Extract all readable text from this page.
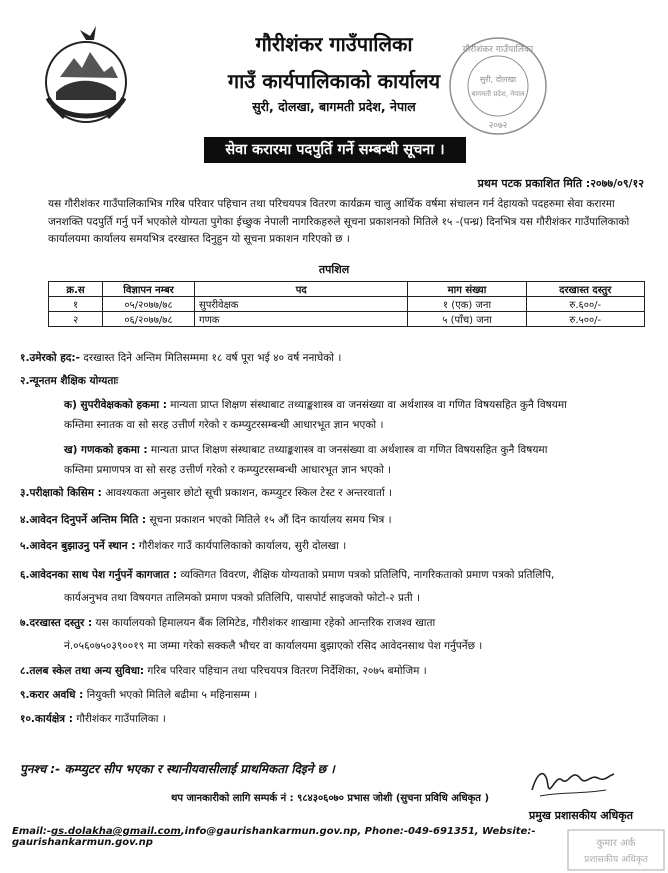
गौरीशंकर गाउँपालिका
गाउँ कार्यपालिकाको कार्यालय
सुरी, दोलखा, बागमती प्रदेश, नेपाल
गौरीशंकर गाउँपालिका
सुरी, दोलखा
बागमती प्रदेश, नेपाल
२०७२
सेवा करारमा पदपुर्ति गर्ने सम्बन्धी सूचना ।
प्रथम पटक प्रकाशित मिति :२०७७/०९/१२
यस गौरीशंकर गाउँपालिकाभित्र गरिब परिवार पहिचान तथा परिचयपत्र वितरण कार्यक्रम चालु आर्थिक वर्षमा संचालन गर्न देहायको पदहरुमा सेवा करारमा जनशक्ति पदपुर्ति गर्नु पर्ने भएकोले योग्यता पुगेका ईच्छुक नेपाली नागरिकहरुले सूचना प्रकाशनको मितिले १५ -(पन्ध्र) दिनभित्र यस गौरीशंकर गाउँपालिकाको कार्यालयमा कार्यालय समयभित्र दरखास्त दिनुहुन यो सूचना प्रकाशन गरिएको छ ।
तपशिल
क्र.स	विज्ञापन नम्बर	पद	माग संख्या	दरखास्त दस्तुर
१	०५/२०७७/७८	सुपरीवेक्षक	१ (एक) जना	रु.६००/-
२	०६/२०७७/७८	गणक	५ (पाँच) जना	रु.५००/-
१.उमेरको हद:- दरखास्त दिने अन्तिम मितिसम्ममा १८ वर्ष पूरा भई ४० वर्ष ननाघेको ।
२.न्यूनतम शैक्षिक योग्यताः
क) सुपरीवेक्षकको हकमा : मान्यता प्राप्त शिक्षण संस्थाबाट तथ्याङ्कशास्त्र वा जनसंख्या वा अर्थशास्त्र वा गणित विषयसहित कुनै विषयमा
कम्तिमा स्नातक वा सो सरह उत्तीर्ण गरेको र कम्प्युटरसम्बन्धी आधारभूत ज्ञान भएको ।
ख) गणकको हकमा : मान्यता प्राप्त शिक्षण संस्थाबाट तथ्याङ्कशास्त्र वा जनसंख्या वा अर्थशास्त्र वा गणित विषयसहित कुनै विषयमा
कम्तिमा प्रमाणपत्र वा सो सरह उत्तीर्ण गरेको र कम्प्युटरसम्बन्धी आधारभूत ज्ञान भएको ।
३.परीक्षाको किसिम : आवश्यकता अनुसार छोटो सूची प्रकाशन, कम्प्युटर स्किल टेस्ट र अन्तरवार्ता ।
४.आवेदन दिनुपर्ने अन्तिम मिति : सूचना प्रकाशन भएको मितिले १५ औं दिन कार्यालय समय भित्र ।
५.आवेदन बुझाउनु पर्ने स्थान : गौरीशंकर गाउँ कार्यपालिकाको कार्यालय, सुरी दोलखा ।
६.आवेदनका साथ पेश गर्नुपर्ने कागजात : व्यक्तिगत विवरण, शैक्षिक योग्यताको प्रमाण पत्रको प्रतिलिपि, नागरिकताको प्रमाण पत्रको प्रतिलिपि,
कार्यअनुभव तथा विषयगत तालिमको प्रमाण पत्रको प्रतिलिपि, पासपोर्ट साइजको फोटो-२ प्रती ।
७.दरखास्त दस्तुर : यस कार्यालयको हिमालयन बैंक लिमिटेड, गौरीशंकर शाखामा रहेको आन्तरिक राजश्व खाता
नं.०५६०७५०३९००१९ मा जम्मा गरेको सक्कलै भौचर वा कार्यालयमा बुझाएको रसिद आवेदनसाथ पेश गर्नुपर्नेछ ।
८.तलब स्केल तथा अन्य सुविधा: गरिब परिवार पहिचान तथा परिचयपत्र वितरण निर्देशिका, २०७५ बमोजिम ।
९.करार अवधि : नियुक्ती भएको मितिले बढीमा ५ महिनासम्म ।
१०.कार्यक्षेत्र : गौरीशंकर गाउँपालिका ।
पुनश्च :- कम्प्युटर सीप भएका र स्थानीयवासीलाई प्राथमिकता दिइने छ ।
थप जानकारीको लागि सम्पर्क नं : ९८४३०६०७० प्रभास जोशी (सुचना प्रविधि अधिकृत )
प्रमुख प्रशासकीय अधिकृत
Email:-gs.dolakha@gmail.com,info@gaurishankarmun.gov.np, Phone:-049-691351, Website:-gaurishankarmun.gov.np	कुमार अर्क
प्रशासकीय अधिकृत
